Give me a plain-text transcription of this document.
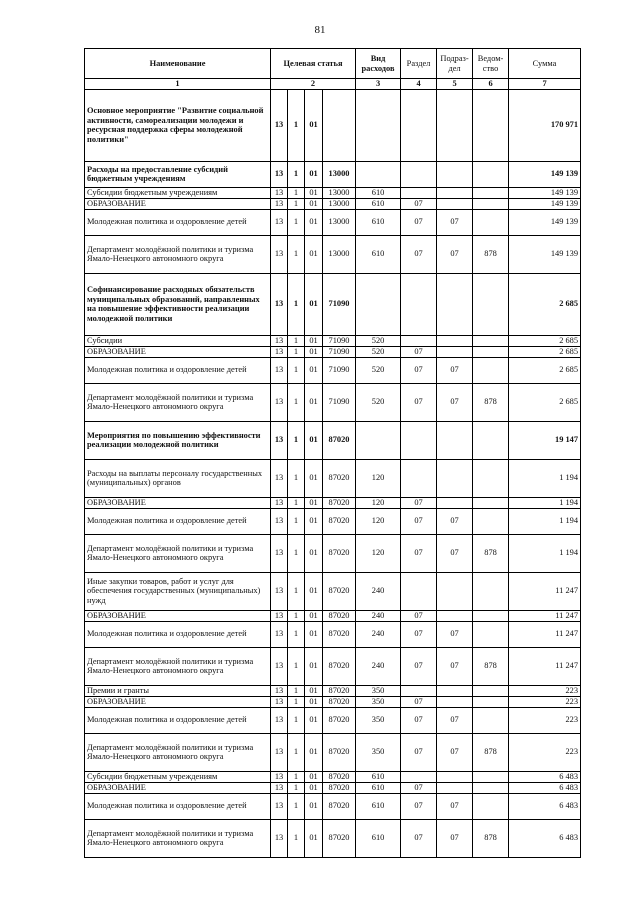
81
Наименование	Целевая статья				Вид расходов	Раздел	Подраз-дел	Ведом-ство	Сумма
1	2				3	4	5	6	7
Основное мероприятие "Развитие социальной активности, самореализации молодежи и ресурсная поддержка сферы молодежной политики"	13	1	01						170 971
Расходы на предоставление субсидий бюджетным учреждениям	13	1	01	13000					149 139
Субсидии бюджетным учреждениям	13	1	01	13000	610				149 139
ОБРАЗОВАНИЕ	13	1	01	13000	610	07			149 139
Молодежная политика и оздоровление детей	13	1	01	13000	610	07	07		149 139
Департамент молодёжной политики и туризма Ямало-Ненецкого автономного округа	13	1	01	13000	610	07	07	878	149 139
Софинансирование расходных обязательств муниципальных образований, направленных на повышение эффективности реализации молодежной политики	13	1	01	71090					2 685
Субсидии	13	1	01	71090	520				2 685
ОБРАЗОВАНИЕ	13	1	01	71090	520	07			2 685
Молодежная политика и оздоровление детей	13	1	01	71090	520	07	07		2 685
Департамент молодёжной политики и туризма Ямало-Ненецкого автономного округа	13	1	01	71090	520	07	07	878	2 685
Мероприятия по повышению эффективности реализации молодежной политики	13	1	01	87020					19 147
Расходы на выплаты персоналу государственных (муниципальных) органов	13	1	01	87020	120				1 194
ОБРАЗОВАНИЕ	13	1	01	87020	120	07			1 194
Молодежная политика и оздоровление детей	13	1	01	87020	120	07	07		1 194
Департамент молодёжной политики и туризма Ямало-Ненецкого автономного округа	13	1	01	87020	120	07	07	878	1 194
Иные закупки товаров, работ и услуг для обеспечения государственных (муниципальных) нужд	13	1	01	87020	240				11 247
ОБРАЗОВАНИЕ	13	1	01	87020	240	07			11 247
Молодежная политика и оздоровление детей	13	1	01	87020	240	07	07		11 247
Департамент молодёжной политики и туризма Ямало-Ненецкого автономного округа	13	1	01	87020	240	07	07	878	11 247
Премии и гранты	13	1	01	87020	350				223
ОБРАЗОВАНИЕ	13	1	01	87020	350	07			223
Молодежная политика и оздоровление детей	13	1	01	87020	350	07	07		223
Департамент молодёжной политики и туризма Ямало-Ненецкого автономного округа	13	1	01	87020	350	07	07	878	223
Субсидии бюджетным учреждениям	13	1	01	87020	610				6 483
ОБРАЗОВАНИЕ	13	1	01	87020	610	07			6 483
Молодежная политика и оздоровление детей	13	1	01	87020	610	07	07		6 483
Департамент молодёжной политики и туризма Ямало-Ненецкого автономного округа	13	1	01	87020	610	07	07	878	6 483
